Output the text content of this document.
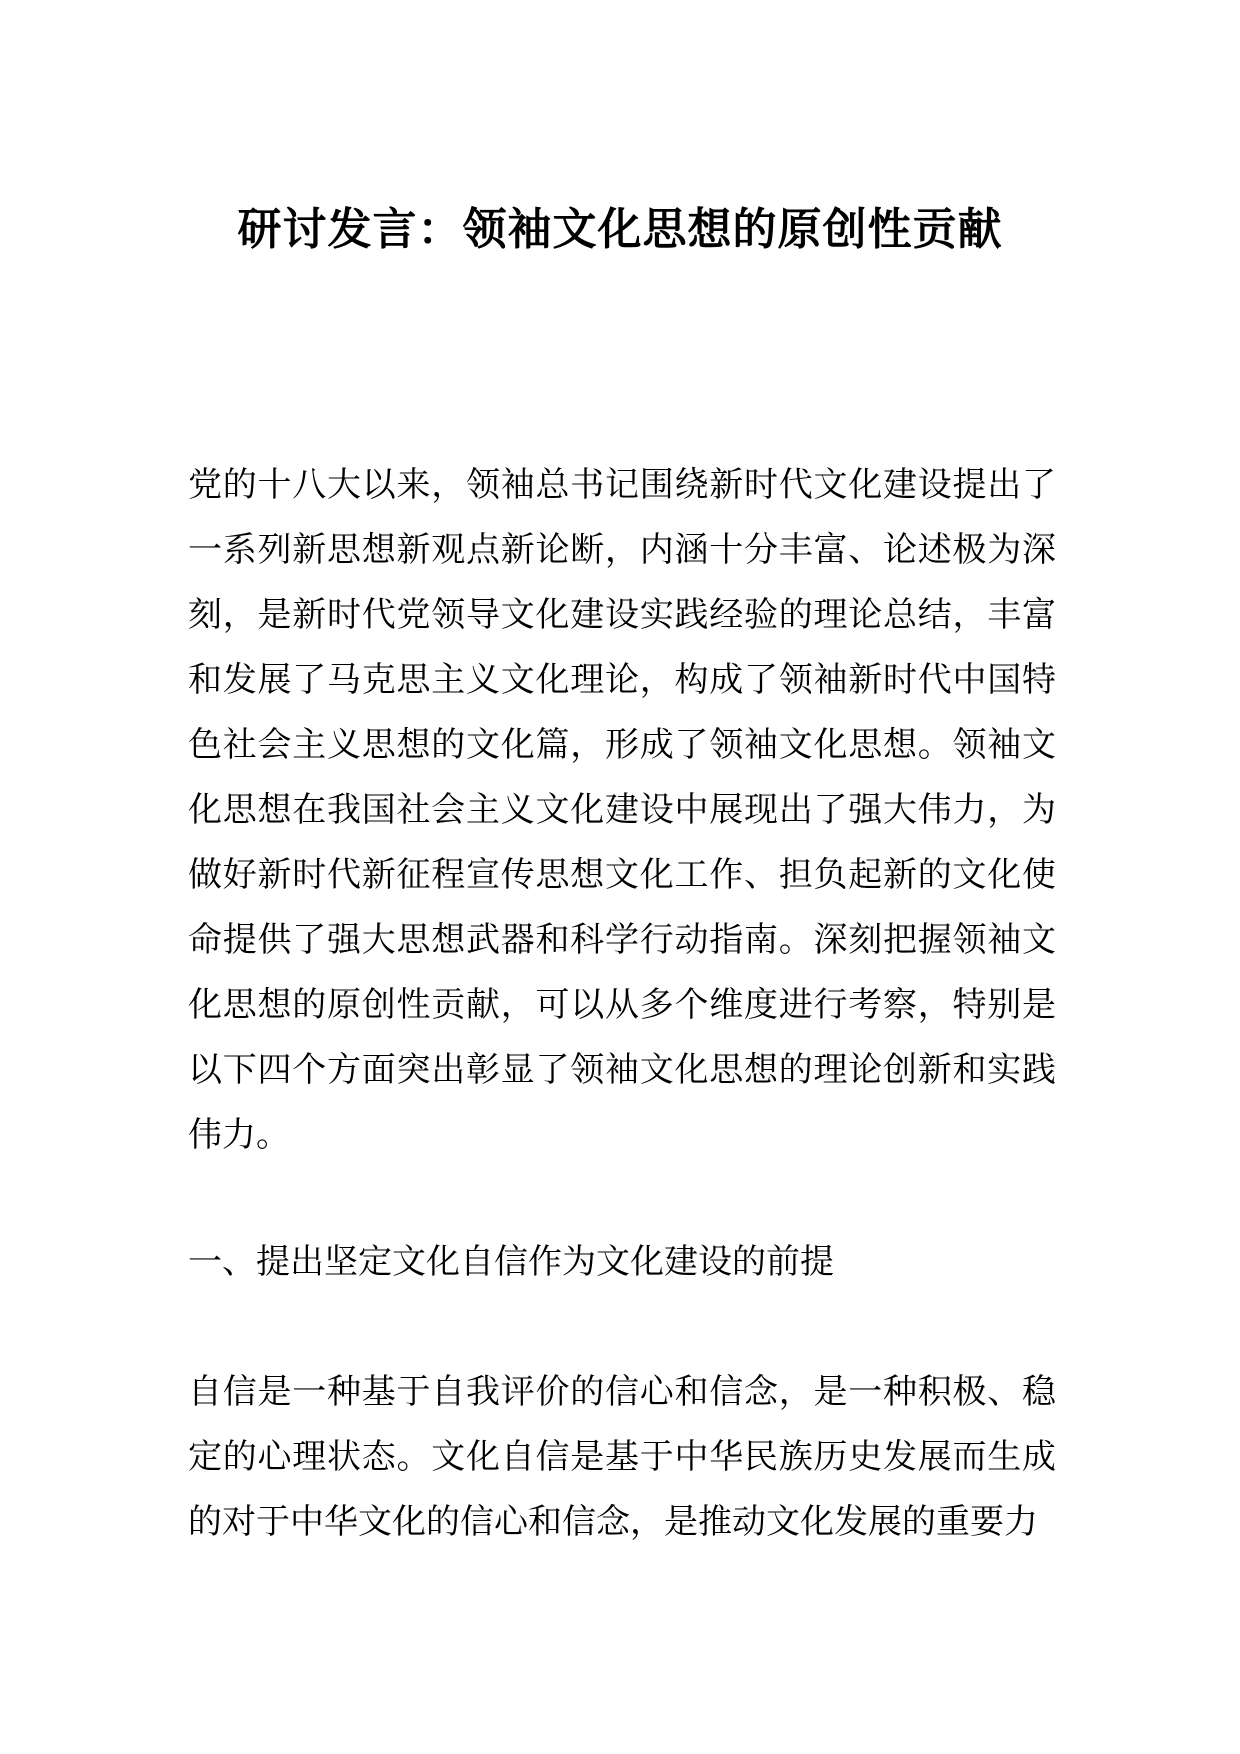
研讨发言：领袖文化思想的原创性贡献
党的十八大以来，领袖总书记围绕新时代文化建设提出了一系列新思想新观点新论断，内涵十分丰富、论述极为深刻，是新时代党领导文化建设实践经验的理论总结，丰富和发展了马克思主义文化理论，构成了领袖新时代中国特色社会主义思想的文化篇，形成了领袖文化思想。领袖文化思想在我国社会主义文化建设中展现出了强大伟力，为做好新时代新征程宣传思想文化工作、担负起新的文化使命提供了强大思想武器和科学行动指南。深刻把握领袖文化思想的原创性贡献，可以从多个维度进行考察，特别是以下四个方面突出彰显了领袖文化思想的理论创新和实践伟力。
一、提出坚定文化自信作为文化建设的前提
自信是一种基于自我评价的信心和信念，是一种积极、稳定的心理状态。文化自信是基于中华民族历史发展而生成的对于中华文化的信心和信念，是推动文化发展的重要力
